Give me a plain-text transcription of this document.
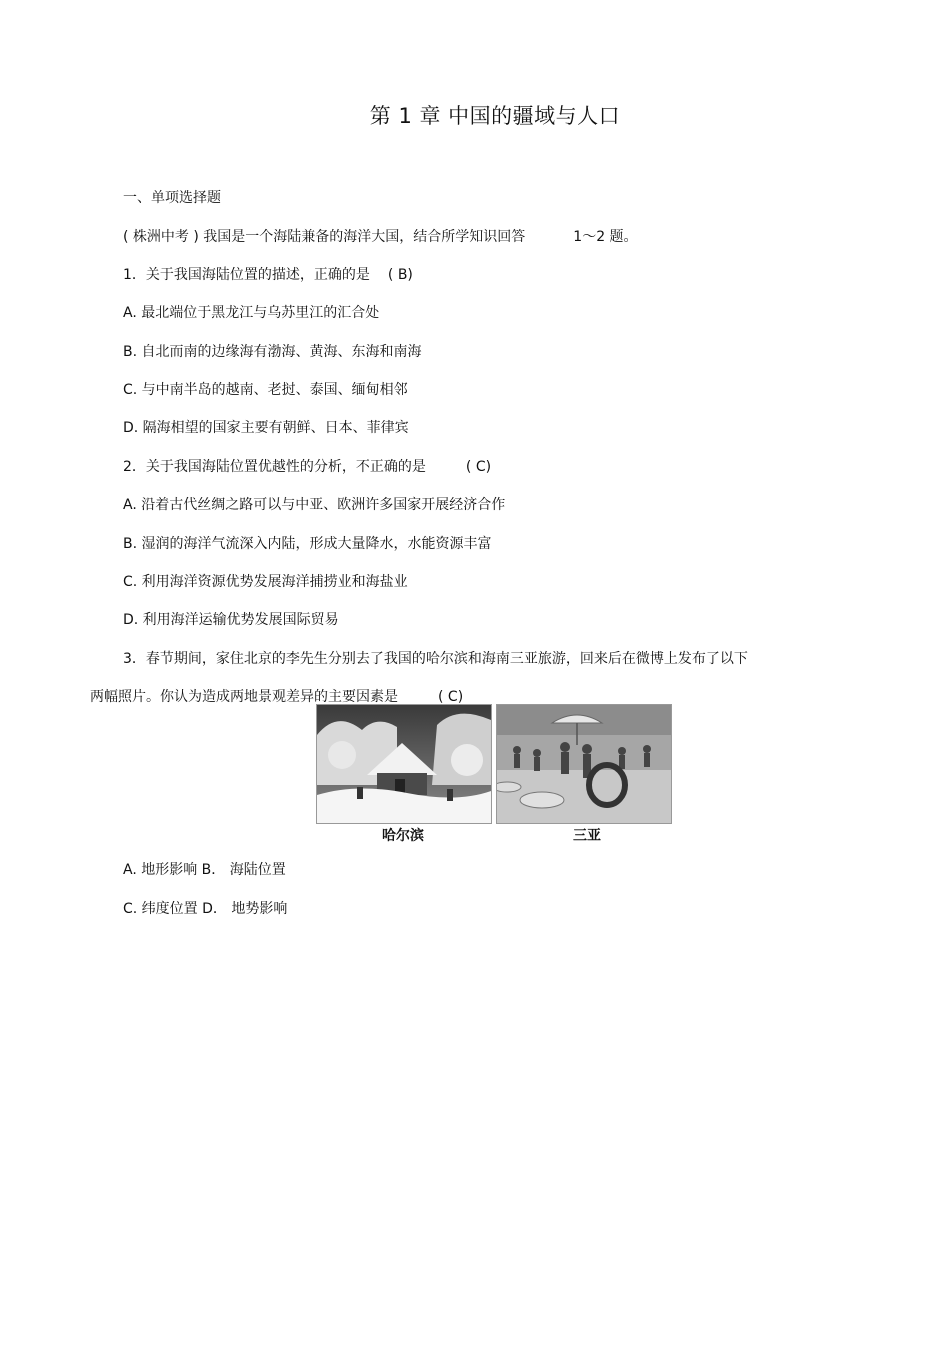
第 1 章 中国的疆域与人口
一、单项选择题
( 株洲中考 ) 我国是一个海陆兼备的海洋大国，结合所学知识回答	1～2 题。
1．关于我国海陆位置的描述，正确的是 ( B)
A. 最北端位于黑龙江与乌苏里江的汇合处
B. 自北而南的边缘海有渤海、黄海、东海和南海
C. 与中南半岛的越南、老挝、泰国、缅甸相邻
D. 隔海相望的国家主要有朝鲜、日本、菲律宾
2．关于我国海陆位置优越性的分析，不正确的是	( C)
A. 沿着古代丝绸之路可以与中亚、欧洲许多国家开展经济合作
B. 湿润的海洋气流深入内陆，形成大量降水，水能资源丰富
C. 利用海洋资源优势发展海洋捕捞业和海盐业
D. 利用海洋运输优势发展国际贸易
3．春节期间，家住北京的李先生分别去了我国的哈尔滨和海南三亚旅游，回来后在微博上发布了以下
两幅照片。你认为造成两地景观差异的主要因素是	( C)
哈尔滨	三亚
A. 地形影响 B． 海陆位置
C. 纬度位置 D． 地势影响
